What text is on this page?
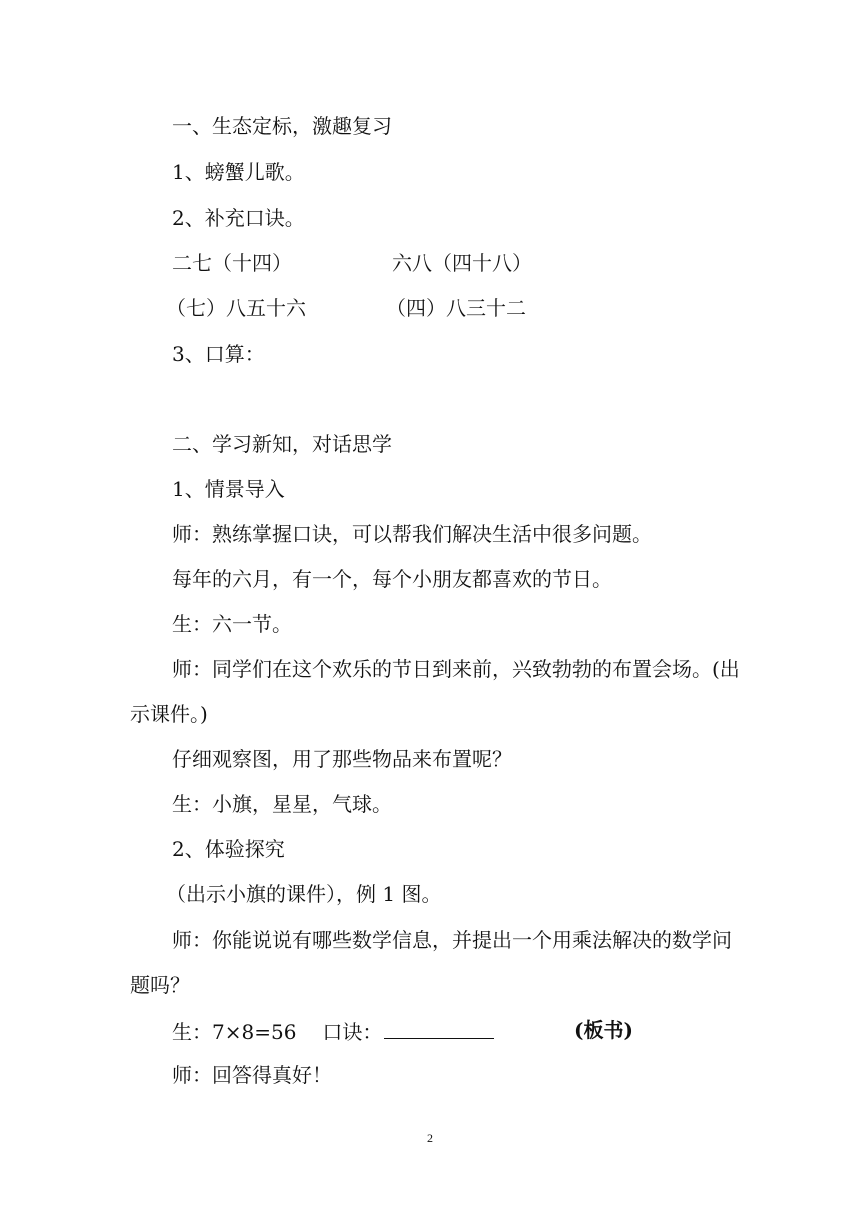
一、生态定标，激趣复习
1、螃蟹儿歌。
2、补充口诀。
二七（十四）	六八（四十八）
（七）八五十六	（四）八三十二
3、口算：
二、学习新知，对话思学
1、情景导入
师：熟练掌握口诀，可以帮我们解决生活中很多问题。
每年的六月，有一个，每个小朋友都喜欢的节日。
生：六一节。
师：同学们在这个欢乐的节日到来前，兴致勃勃的布置会场。(出
示课件。)
仔细观察图，用了那些物品来布置呢？
生：小旗，星星，气球。
2、体验探究
（出示小旗的课件），例 1 图。
师：你能说说有哪些数学信息，并提出一个用乘法解决的数学问
题吗？
生：7×8=56 口诀：	(板书)
师：回答得真好！
2
